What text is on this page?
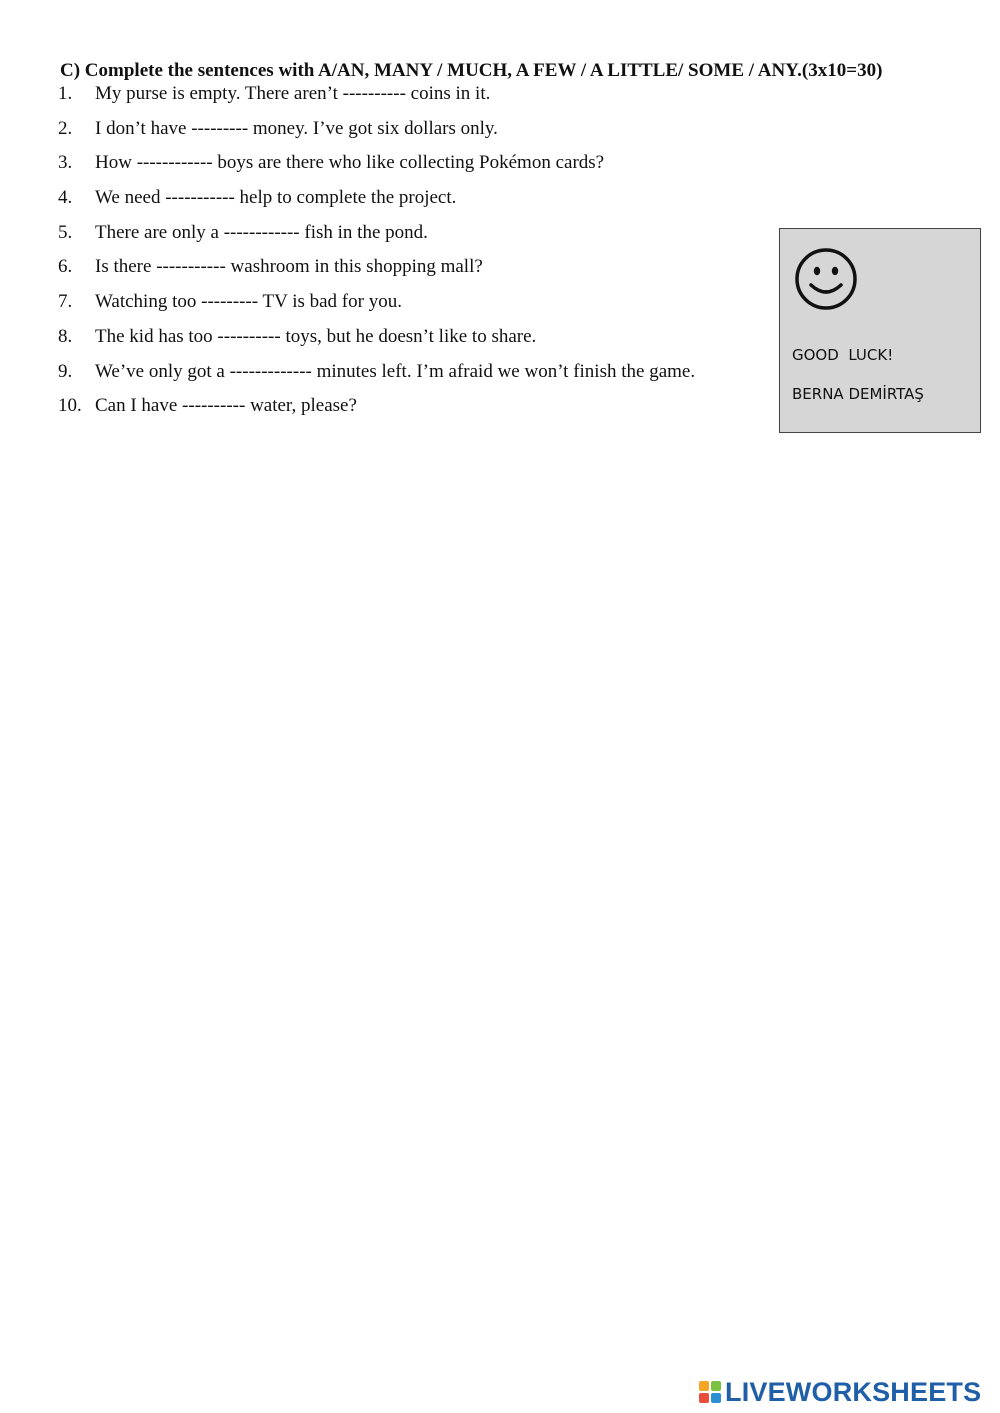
C) Complete the sentences with A/AN, MANY / MUCH, A FEW / A LITTLE/ SOME / ANY.(3x10=30)
1.	My purse is empty. There aren’t ---------- coins in it.
2.	I don’t have --------- money. I’ve got six dollars only.
3.	How ------------ boys are there who like collecting Pokémon cards?
4.	We need ----------- help to complete the project.
5.	There are only a ------------ fish in the pond.
6.	Is there ----------- washroom in this shopping mall?
7.	Watching too --------- TV is bad for you.
8.	The kid has too ---------- toys, but he doesn’t like to share.
9.	We’ve only got a ------------- minutes left. I’m afraid we won’t finish the game.
10. Can I have ---------- water, please?
GOOD  LUCK!
BERNA DEMİRTAŞ
LIVEWORKSHEETS
